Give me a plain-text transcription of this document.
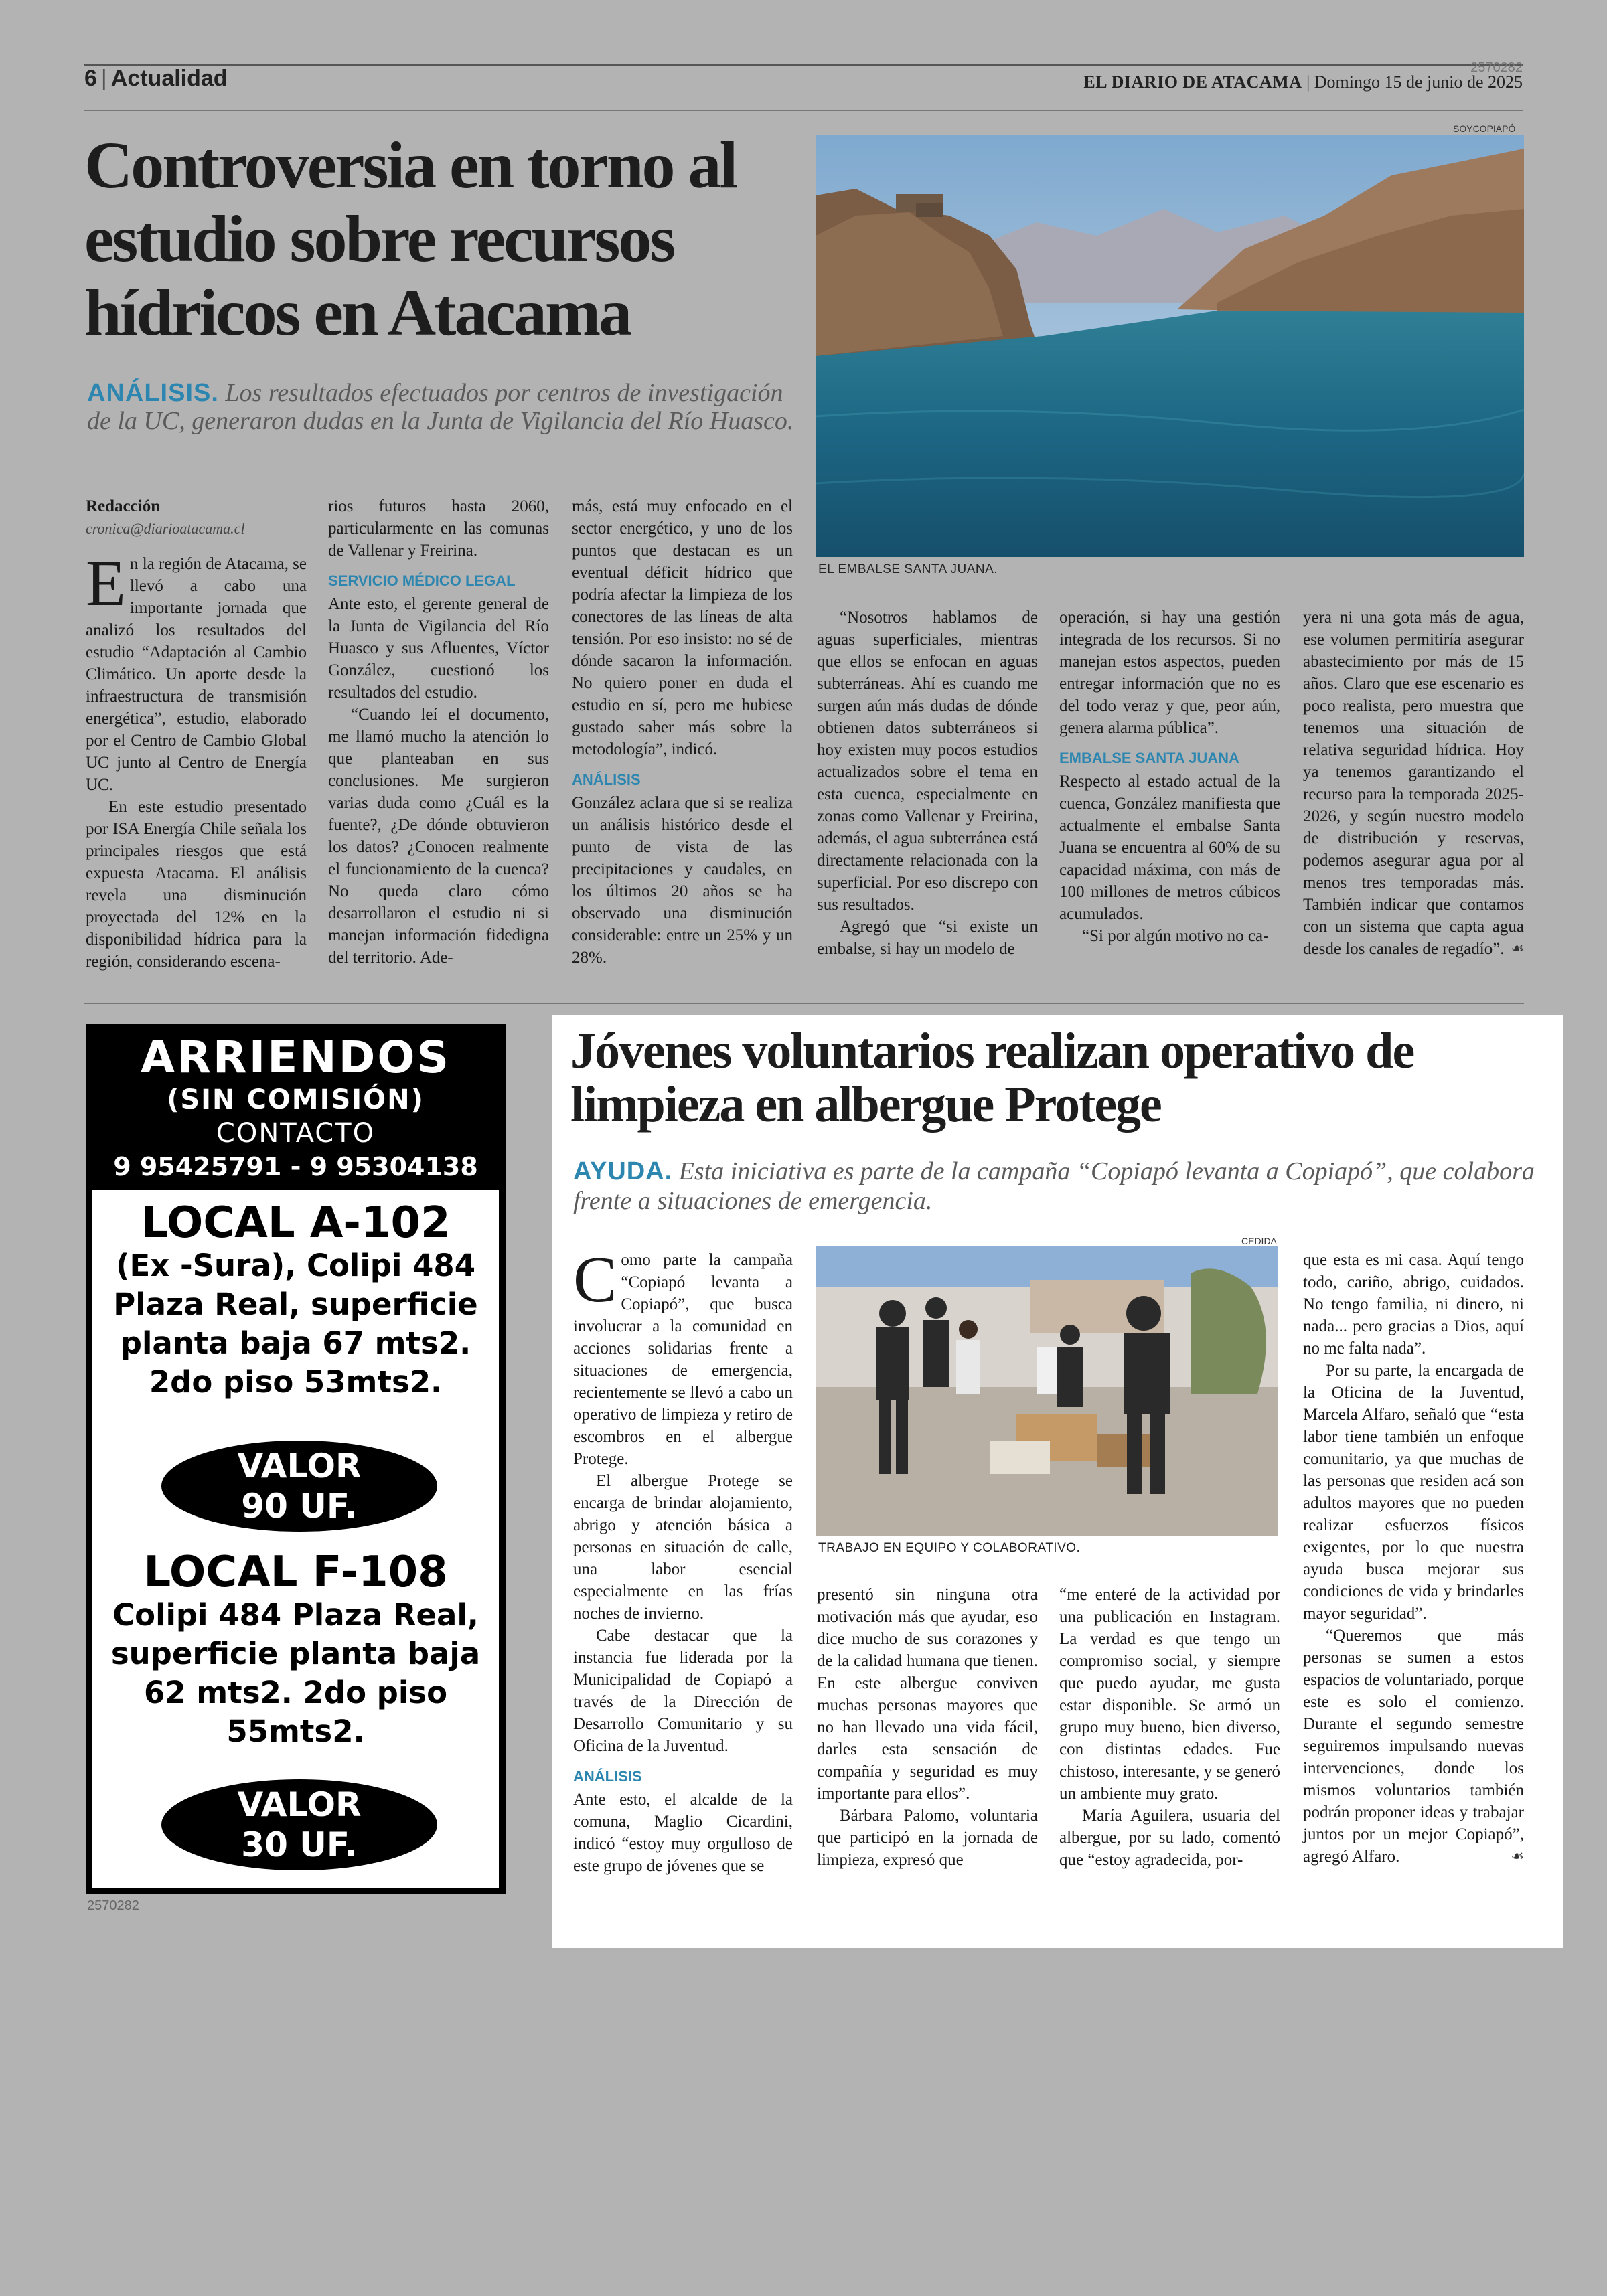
6 | Actualidad	2570282
EL DIARIO DE ATACAMA | Domingo 15 de junio de 2025
Controversia en torno al estudio sobre recursos hídricos en Atacama
ANÁLISIS. Los resultados efectuados por centros de investigación de la UC, generaron dudas en la Junta de Vigilancia del Río Huasco.
SOYCOPIAPÓ
EL EMBALSE SANTA JUANA.

Redacción

cronica@diarioatacama.cl

En la región de Atacama, se llevó a cabo una importante jornada que analizó los resultados del estudio “Adaptación al Cambio Climático. Un aporte desde la infraestructura de transmisión energética”, estudio, elaborado por el Centro de Cambio Global UC junto al Centro de Energía UC.

En este estudio presentado por ISA Energía Chile señala los principales riesgos que está expuesta Atacama. El análisis revela una disminución proyectada del 12% en la disponibilidad hídrica para la región, considerando escena-

rios futuros hasta 2060, particularmente en las comunas de Vallenar y Freirina.

SERVICIO MÉDICO LEGAL

Ante esto, el gerente general de la Junta de Vigilancia del Río Huasco y sus Afluentes, Víctor González, cuestionó los resultados del estudio.

“Cuando leí el documento, me llamó mucho la atención lo que planteaban en sus conclusiones. Me surgieron varias duda como ¿Cuál es la fuente?, ¿De dónde obtuvieron los datos? ¿Conocen realmente el funcionamiento de la cuenca? No queda claro cómo desarrollaron el estudio ni si manejan información fidedigna del territorio. Ade-

más, está muy enfocado en el sector energético, y uno de los puntos que destacan es un eventual déficit hídrico que podría afectar la limpieza de los conectores de las líneas de alta tensión. Por eso insisto: no sé de dónde sacaron la información. No quiero poner en duda el estudio en sí, pero me hubiese gustado saber más sobre la metodología”, indicó.

ANÁLISIS

González aclara que si se realiza un análisis histórico desde el punto de vista de las precipitaciones y caudales, en los últimos 20 años se ha observado una disminución considerable: entre un 25% y un 28%.

“Nosotros hablamos de aguas superficiales, mientras que ellos se enfocan en aguas subterráneas. Ahí es cuando me surgen aún más dudas de dónde obtienen datos subterráneos si hoy existen muy pocos estudios actualizados sobre el tema en esta cuenca, especialmente en zonas como Vallenar y Freirina, además, el agua subterránea está directamente relacionada con la superficial. Por eso discrepo con sus resultados.

Agregó que “si existe un embalse, si hay un modelo de

operación, si hay una gestión integrada de los recursos. Si no manejan estos aspectos, pueden entregar información que no es del todo veraz y que, peor aún, genera alarma pública”.

EMBALSE SANTA JUANA

Respecto al estado actual de la cuenca, González manifiesta que actualmente el embalse Santa Juana se encuentra al 60% de su capacidad máxima, con más de 100 millones de metros cúbicos acumulados.

“Si por algún motivo no ca-

yera ni una gota más de agua, ese volumen permitiría asegurar abastecimiento por más de 15 años. Claro que ese escenario es poco realista, pero muestra que tenemos una situación de relativa seguridad hídrica. Hoy ya tenemos garantizando el recurso para la temporada 2025-2026, y según nuestro modelo de distribución y reservas, podemos asegurar agua por al menos tres temporadas más. También indicar que contamos con un sistema que capta agua desde los canales de regadío”. ☙

ARRIENDOS
(SIN COMISIÓN)
CONTACTO
9 95425791 - 9 95304138
LOCAL A-102
(Ex -Sura), Colipi 484
Plaza Real, superficie
planta baja 67 mts2.
2do piso 53mts2.
VALOR
90 UF.
LOCAL F-108
Colipi 484 Plaza Real,
superficie planta baja
62 mts2. 2do piso
55mts2.
VALOR
30 UF.
2570282
Jóvenes voluntarios realizan operativo de limpieza en albergue Protege
AYUDA. Esta iniciativa es parte de la campaña “Copiapó levanta a Copiapó”, que colabora frente a situaciones de emergencia.
CEDIDA
TRABAJO EN EQUIPO Y COLABORATIVO.

Como parte la campaña “Copiapó levanta a Copiapó”, que busca involucrar a la comunidad en acciones solidarias frente a situaciones de emergencia, recientemente se llevó a cabo un operativo de limpieza y retiro de escombros en el albergue Protege.

El albergue Protege se encarga de brindar alojamiento, abrigo y atención básica a personas en situación de calle, una labor esencial especialmente en las frías noches de invierno.

Cabe destacar que la instancia fue liderada por la Municipalidad de Copiapó a través de la Dirección de Desarrollo Comunitario y su Oficina de la Juventud.

ANÁLISIS

Ante esto, el alcalde de la comuna, Maglio Cicardini, indicó “estoy muy orgulloso de este grupo de jóvenes que se

presentó sin ninguna otra motivación más que ayudar, eso dice mucho de sus corazones y de la calidad humana que tienen. En este albergue conviven muchas personas mayores que no han llevado una vida fácil, darles esta sensación de compañía y seguridad es muy importante para ellos”.

Bárbara Palomo, voluntaria que participó en la jornada de limpieza, expresó que

“me enteré de la actividad por una publicación en Instagram. La verdad es que tengo un compromiso social, y siempre que puedo ayudar, me gusta estar disponible. Se armó un grupo muy bueno, bien diverso, con distintas edades. Fue chistoso, interesante, y se generó un ambiente muy grato.

María Aguilera, usuaria del albergue, por su lado, comentó que “estoy agradecida, por-

que esta es mi casa. Aquí tengo todo, cariño, abrigo, cuidados. No tengo familia, ni dinero, ni nada... pero gracias a Dios, aquí no me falta nada”.

Por su parte, la encargada de la Oficina de la Juventud, Marcela Alfaro, señaló que “esta labor tiene también un enfoque comunitario, ya que muchas de las personas que residen acá son adultos mayores que no pueden realizar esfuerzos físicos exigentes, por lo que nuestra ayuda busca mejorar sus condiciones de vida y brindarles mayor seguridad”.

“Queremos que más personas se sumen a estos espacios de voluntariado, porque este es solo el comienzo. Durante el segundo semestre seguiremos impulsando nuevas intervenciones, donde los mismos voluntarios también podrán proponer ideas y trabajar juntos por un mejor Copiapó”, agregó Alfaro.	☙
